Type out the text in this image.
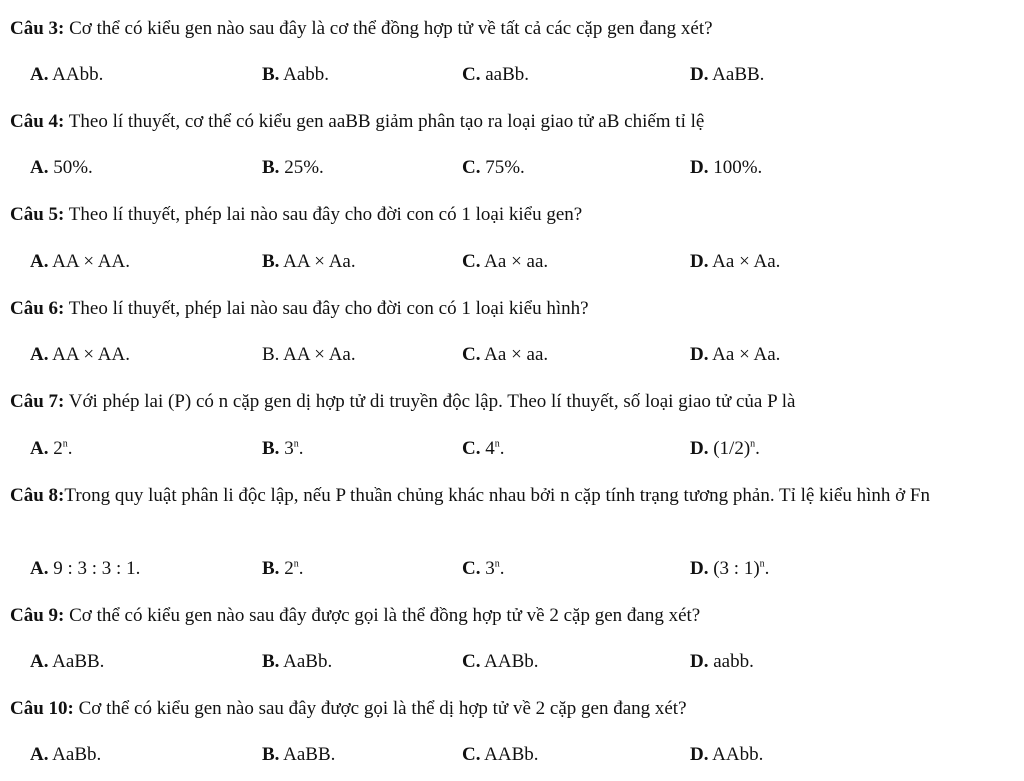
Câu 3: Cơ thể có kiểu gen nào sau đây là cơ thể đồng hợp tử về tất cả các cặp gen đang xét?
A. AAbb.	B. Aabb.	C. aaBb.	D. AaBB.
Câu 4: Theo lí thuyết, cơ thể có kiểu gen aaBB giảm phân tạo ra loại giao tử aB chiếm tỉ lệ
A. 50%.	B. 25%.	C. 75%.	D. 100%.
Câu 5: Theo lí thuyết, phép lai nào sau đây cho đời con có 1 loại kiểu gen?
A. AA × AA.	B. AA × Aa.	C. Aa × aa.	D. Aa × Aa.
Câu 6: Theo lí thuyết, phép lai nào sau đây cho đời con có 1 loại kiểu hình?
A. AA × AA.	B. AA × Aa.	C. Aa × aa.	D. Aa × Aa.
Câu 7: Với phép lai (P) có n cặp gen dị hợp tử di truyền độc lập. Theo lí thuyết, số loại giao tử của P là
A. 2$^n$.	B. 3$^n$.	C. 4$^n$.	D. $(1/2)^n$.
Câu 8:Trong quy luật phân li độc lập, nếu P thuần chủng khác nhau bởi n cặp tính trạng tương phản. Tỉ lệ kiểu hình ở Fn
A. 9 : 3 : 3 : 1.	B. 2$^n$.	C. 3$^n$.	D. (3 : 1)$^n$.
Câu 9: Cơ thể có kiểu gen nào sau đây được gọi là thể đồng hợp tử về 2 cặp gen đang xét?
A. AaBB.	B. AaBb.	C. AABb.	D. aabb.
Câu 10: Cơ thể có kiểu gen nào sau đây được gọi là thể dị hợp tử về 2 cặp gen đang xét?
A. AaBb.	B. AaBB.	C. AABb.	D. AAbb.
